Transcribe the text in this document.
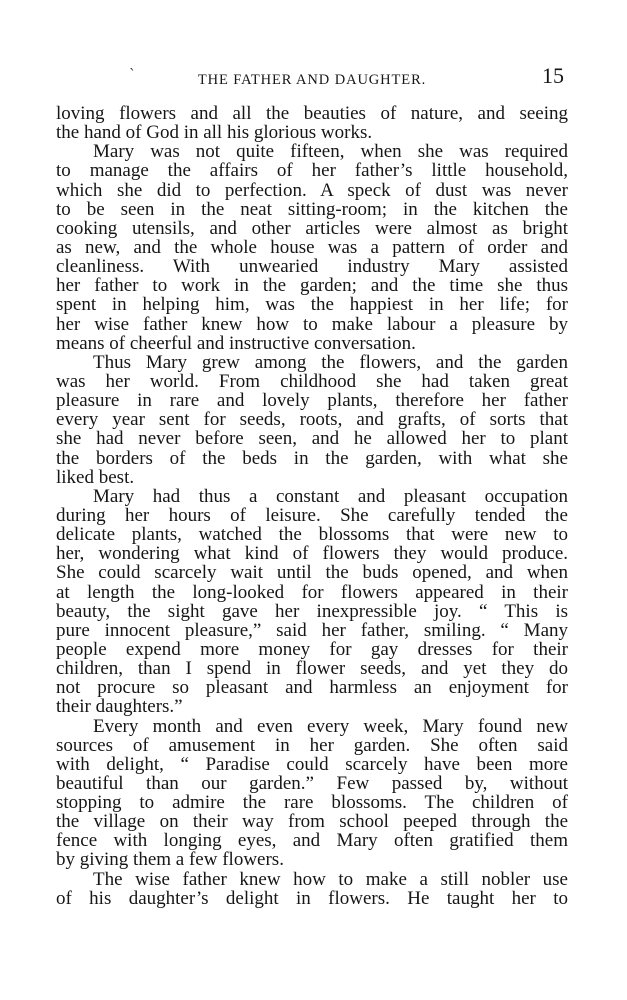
`	THE FATHER AND DAUGHTER.	15
loving flowers and all the beauties of nature, and seeing
the hand of God in all his glorious works.
Mary was not quite fifteen, when she was required
to manage the affairs of her father’s little household,
which she did to perfection. A speck of dust was never
to be seen in the neat sitting-room; in the kitchen the
cooking utensils, and other articles were almost as bright
as new, and the whole house was a pattern of order and
cleanliness. With unwearied industry Mary assisted
her father to work in the garden; and the time she thus
spent in helping him, was the happiest in her life; for
her wise father knew how to make labour a pleasure by
means of cheerful and instructive conversation.
Thus Mary grew among the flowers, and the garden
was her world. From childhood she had taken great
pleasure in rare and lovely plants, therefore her father
every year sent for seeds, roots, and grafts, of sorts that
she had never before seen, and he allowed her to plant
the borders of the beds in the garden, with what she
liked best.
Mary had thus a constant and pleasant occupation
during her hours of leisure. She carefully tended the
delicate plants, watched the blossoms that were new to
her, wondering what kind of flowers they would produce.
She could scarcely wait until the buds opened, and when
at length the long-looked for flowers appeared in their
beauty, the sight gave her inexpressible joy. “ This is
pure innocent pleasure,” said her father, smiling. “ Many
people expend more money for gay dresses for their
children, than I spend in flower seeds, and yet they do
not procure so pleasant and harmless an enjoyment for
their daughters.”
Every month and even every week, Mary found new
sources of amusement in her garden. She often said
with delight, “ Paradise could scarcely have been more
beautiful than our garden.” Few passed by, without
stopping to admire the rare blossoms. The children of
the village on their way from school peeped through the
fence with longing eyes, and Mary often gratified them
by giving them a few flowers.
The wise father knew how to make a still nobler use
of his daughter’s delight in flowers. He taught her to
